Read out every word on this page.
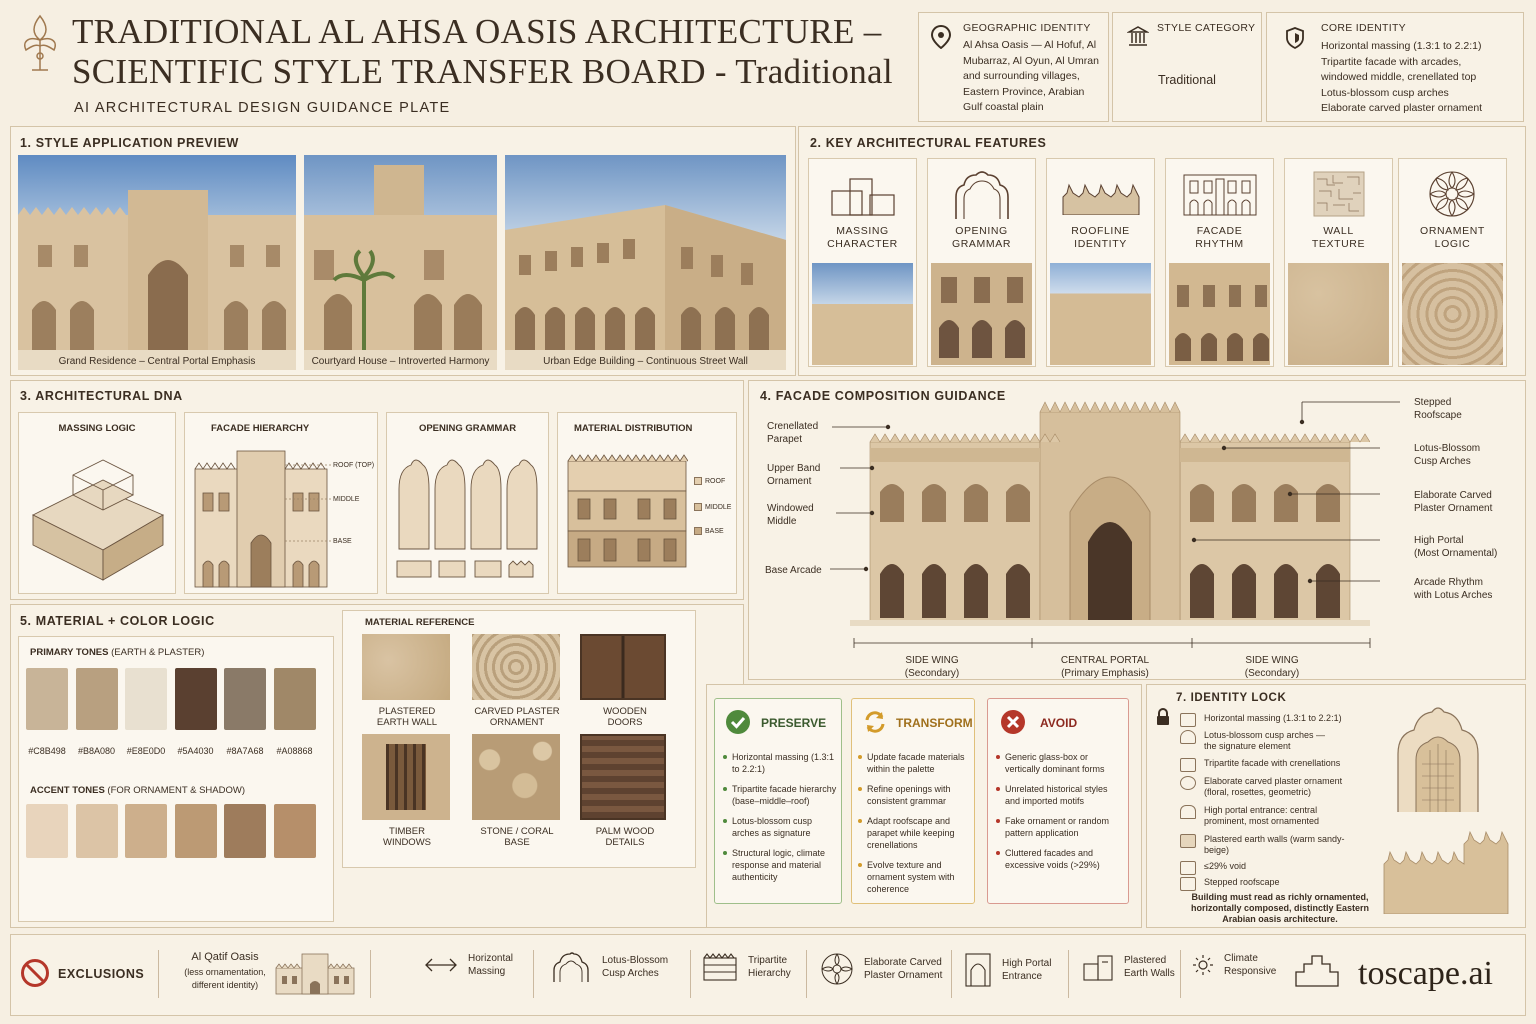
TRADITIONAL AL AHSA OASIS ARCHITECTURE –
SCIENTIFIC STYLE TRANSFER BOARD - Traditional
AI ARCHITECTURAL DESIGN GUIDANCE PLATE
GEOGRAPHIC IDENTITY
Al Ahsa Oasis — Al Hofuf, Al Mubarraz, Al Oyun, Al Umran and surrounding villages, Eastern Province, Arabian Gulf coastal plain
STYLE CATEGORY
Traditional
CORE IDENTITY
Horizontal massing (1.3:1 to 2.2:1)
Tripartite facade with arcades,
windowed middle, crenellated top
Lotus-blossom cusp arches
Elaborate carved plaster ornament
1. STYLE APPLICATION PREVIEW
Grand Residence – Central Portal Emphasis	Courtyard House – Introverted Harmony	Urban Edge Building – Continuous Street Wall
2. KEY ARCHITECTURAL FEATURES
MASSING
CHARACTER
OPENING
GRAMMAR
ROOFLINE
IDENTITY
FACADE
RHYTHM
WALL
TEXTURE
ORNAMENT
LOGIC
3. ARCHITECTURAL DNA
MASSING LOGIC	FACADE HIERARCHY
ROOF (TOP)
MIDDLE
BASE
OPENING GRAMMAR	MATERIAL DISTRIBUTION
ROOF
MIDDLE
BASE
4. FACADE COMPOSITION GUIDANCE
Crenellated
Parapet
Upper Band
Ornament
Windowed
Middle
Base Arcade
Stepped
Roofscape
Lotus-Blossom
Cusp Arches
Elaborate Carved
Plaster Ornament
High Portal
(Most Ornamental)
Arcade Rhythm
with Lotus Arches
SIDE WING
(Secondary)
CENTRAL PORTAL
(Primary Emphasis)
SIDE WING
(Secondary)
5. MATERIAL + COLOR LOGIC
PRIMARY TONES (EARTH & PLASTER)
#C8B498	#B8A080	#E8E0D0	#5A4030	#8A7A68	#A08868
ACCENT TONES (FOR ORNAMENT & SHADOW)
MATERIAL REFERENCE
PLASTERED
EARTH WALL
CARVED PLASTER
ORNAMENT
WOODEN
DOORS
TIMBER
WINDOWS
STONE / CORAL
BASE
PALM WOOD
DETAILS
PRESERVE
Horizontal massing (1.3:1 to 2.2:1)
Tripartite facade hierarchy (base–middle–roof)
Lotus-blossom cusp arches as signature
Structural logic, climate response and material authenticity
TRANSFORM
Update facade materials within the palette
Refine openings with consistent grammar
Adapt roofscape and parapet while keeping crenellations
Evolve texture and ornament system with coherence
AVOID
Generic glass-box or vertically dominant forms
Unrelated historical styles and imported motifs
Fake ornament or random pattern application
Cluttered facades and excessive voids (>29%)
7. IDENTITY LOCK
Horizontal massing (1.3:1 to 2.2:1)
Lotus-blossom cusp arches — the signature element
Tripartite facade with crenellations
Elaborate carved plaster ornament (floral, rosettes, geometric)
High portal entrance: central prominent, most ornamented
Plastered earth walls (warm sandy-beige)
≤29% void
Stepped roofscape
Building must read as richly ornamented, horizontally composed, distinctly Eastern Arabian oasis architecture.
EXCLUSIONS
Al Qatif Oasis
(less ornamentation, different identity)
Horizontal
Massing
Lotus-Blossom
Cusp Arches
Tripartite
Hierarchy
Elaborate Carved
Plaster Ornament
High Portal
Entrance
Plastered
Earth Walls
Climate
Responsive toscape.ai
